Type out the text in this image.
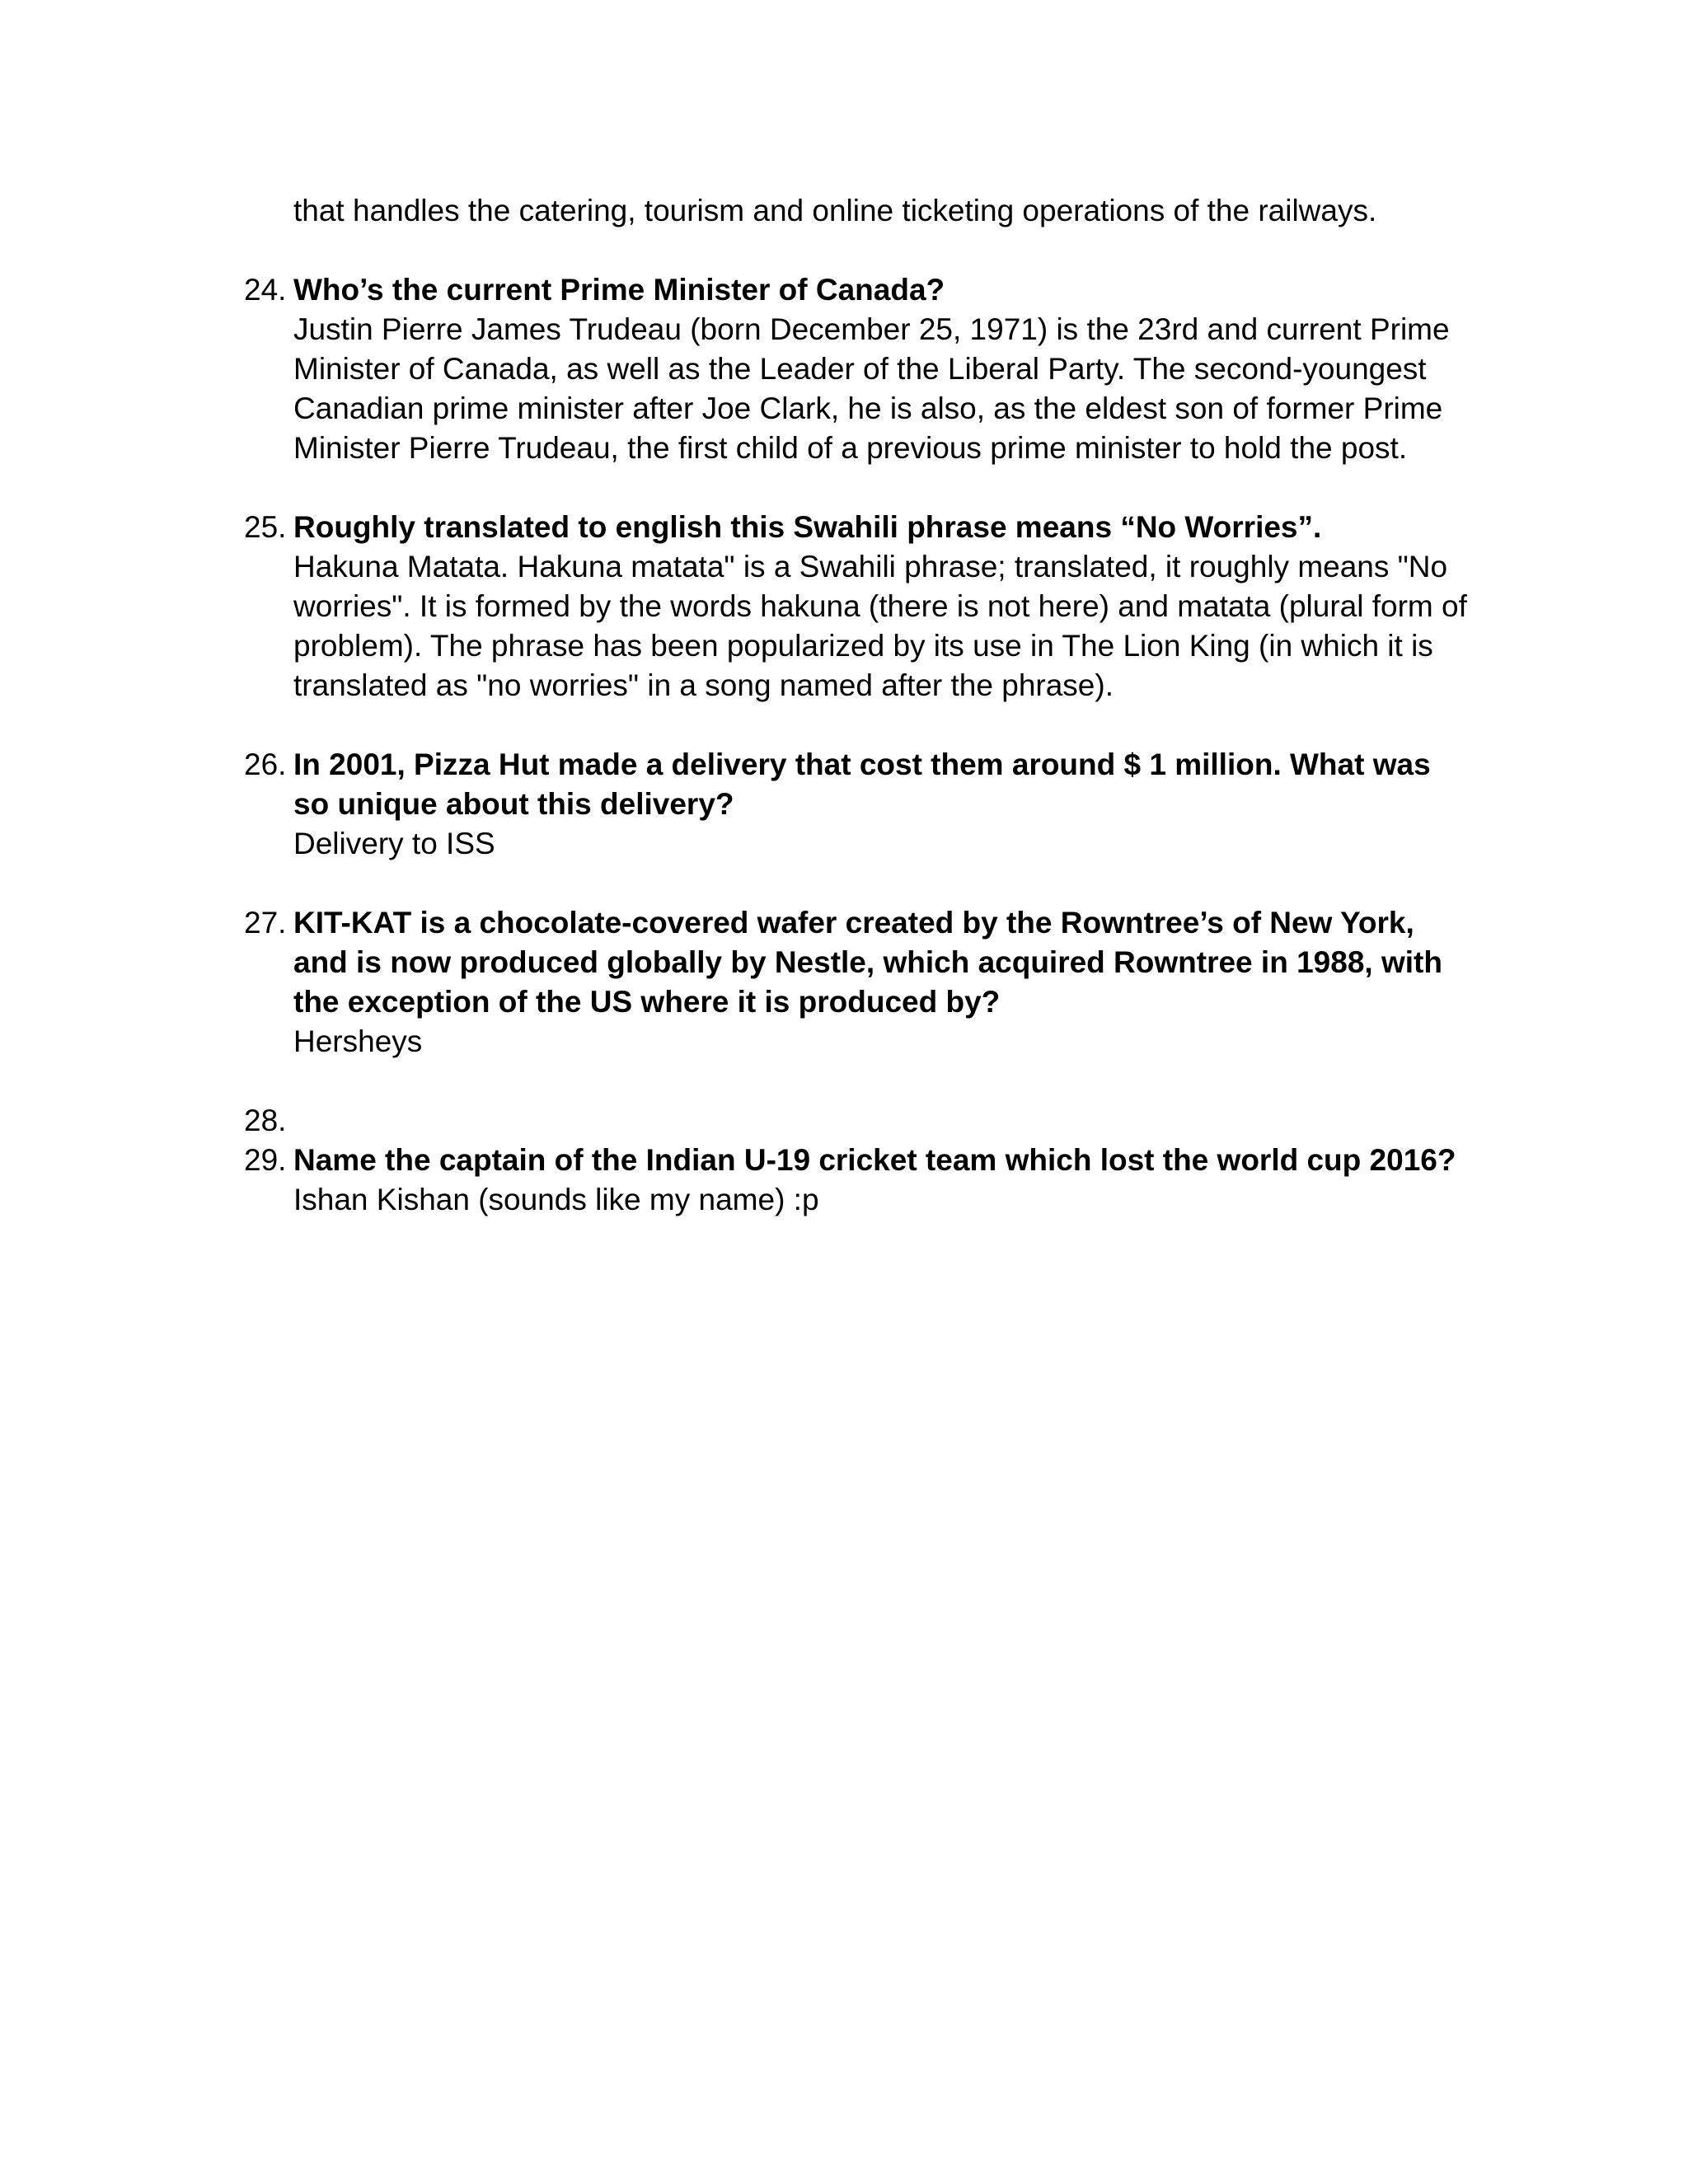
that handles the catering, tourism and online ticketing operations of the railways.
24. Who’s the current Prime Minister of Canada?
Justin Pierre James Trudeau (born December 25, 1971) is the 23rd and current Prime Minister of Canada, as well as the Leader of the Liberal Party. The second-youngest Canadian prime minister after Joe Clark, he is also, as the eldest son of former Prime Minister Pierre Trudeau, the first child of a previous prime minister to hold the post.
25. Roughly translated to english this Swahili phrase means “No Worries”.
Hakuna Matata. Hakuna matata" is a Swahili phrase; translated, it roughly means "No worries". It is formed by the words hakuna (there is not here) and matata (plural form of problem). The phrase has been popularized by its use in The Lion King (in which it is translated as "no worries" in a song named after the phrase).
26. In 2001, Pizza Hut made a delivery that cost them around $ 1 million. What was so unique about this delivery?
Delivery to ISS
27. KIT-KAT is a chocolate-covered wafer created by the Rowntree’s of New York, and is now produced globally by Nestle, which acquired Rowntree in 1988, with the exception of the US where it is produced by?
Hersheys
28.
29. Name the captain of the Indian U-19 cricket team which lost the world cup 2016?
Ishan Kishan (sounds like my name) :p
